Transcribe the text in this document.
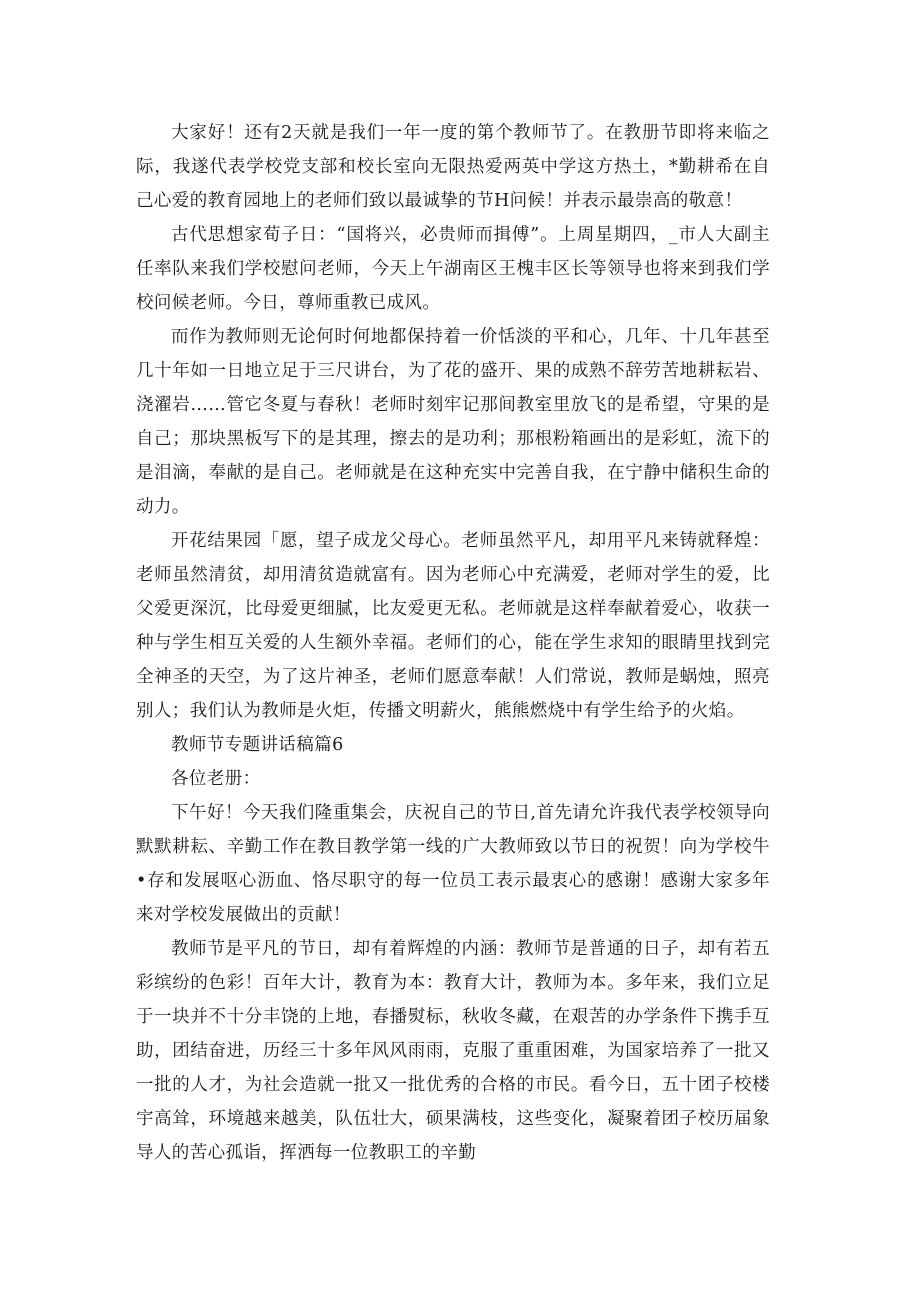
大家好！还有2天就是我们一年一度的第个教师节了。在教册节即将来临之际，我遂代表学校党支部和校长室向无限热爱两英中学这方热土，*勤耕希在自己心爱的教育园地上的老师们致以最诚挚的节H问候！并表示最崇高的敬意！

古代思想家荀子日：“国将兴，必贵师而揖傅”。上周星期四，_市人大副主任率队来我们学校慰问老师，今天上午湖南区王槐丰区长等领导也将来到我们学校问候老师。今日，尊师重教已成风。

而作为教师则无论何时何地都保持着一价恬淡的平和心，几年、十几年甚至几十年如一日地立足于三尺讲台，为了花的盛开、果的成熟不辞劳苦地耕耘岩、浇濯岩……管它冬夏与春秋！老师时刻牢记那间教室里放飞的是希望，守果的是自己；那块黑板写下的是其理，擦去的是功利；那根粉箱画出的是彩虹，流下的是泪滴，奉献的是自己。老师就是在这种充实中完善自我，在宁静中储积生命的动力。

开花结果园「愿，望子成龙父母心。老师虽然平凡，却用平凡来铸就释煌：老师虽然清贫，却用清贫造就富有。因为老师心中充满爱，老师对学生的爱，比父爱更深沉，比母爱更细腻，比友爱更无私。老师就是这样奉献着爱心，收获一种与学生相互关爱的人生额外幸福。老师们的心，能在学生求知的眼睛里找到完全神圣的天空，为了这片神圣，老师们愿意奉献！人们常说，教师是蜗烛，照亮别人；我们认为教师是火炬，传播文明薪火，熊熊燃烧中有学生给予的火焰。

教师节专题讲话稿篇6

各位老册：

下午好！今天我们隆重集会，庆祝自己的节日,首先请允许我代表学校领导向默默耕耘、辛勤工作在教目教学第一线的广大教师致以节日的祝贺！向为学校牛•存和发展呕心沥血、恪尽职守的每一位员工表示最衷心的感谢！感谢大家多年来对学校发展做出的贡献！

教师节是平凡的节日，却有着辉煌的内涵：教师节是普通的日子，却有若五彩缤纷的色彩！百年大计，教育为本：教育大计，教师为本。多年来，我们立足于一块并不十分丰饶的上地，春播熨标，秋收冬藏，在艰苦的办学条件下携手互助，团结奋进，历经三十多年风风雨雨，克服了重重困难，为国家培养了一批又一批的人才，为社会造就一批又一批优秀的合格的市民。看今日，五十团子校楼宇高耸，环境越来越美，队伍壮大，硕果满枝，这些变化，凝聚着团子校历届象导人的苦心孤诣，挥洒每一位教职工的辛勤
